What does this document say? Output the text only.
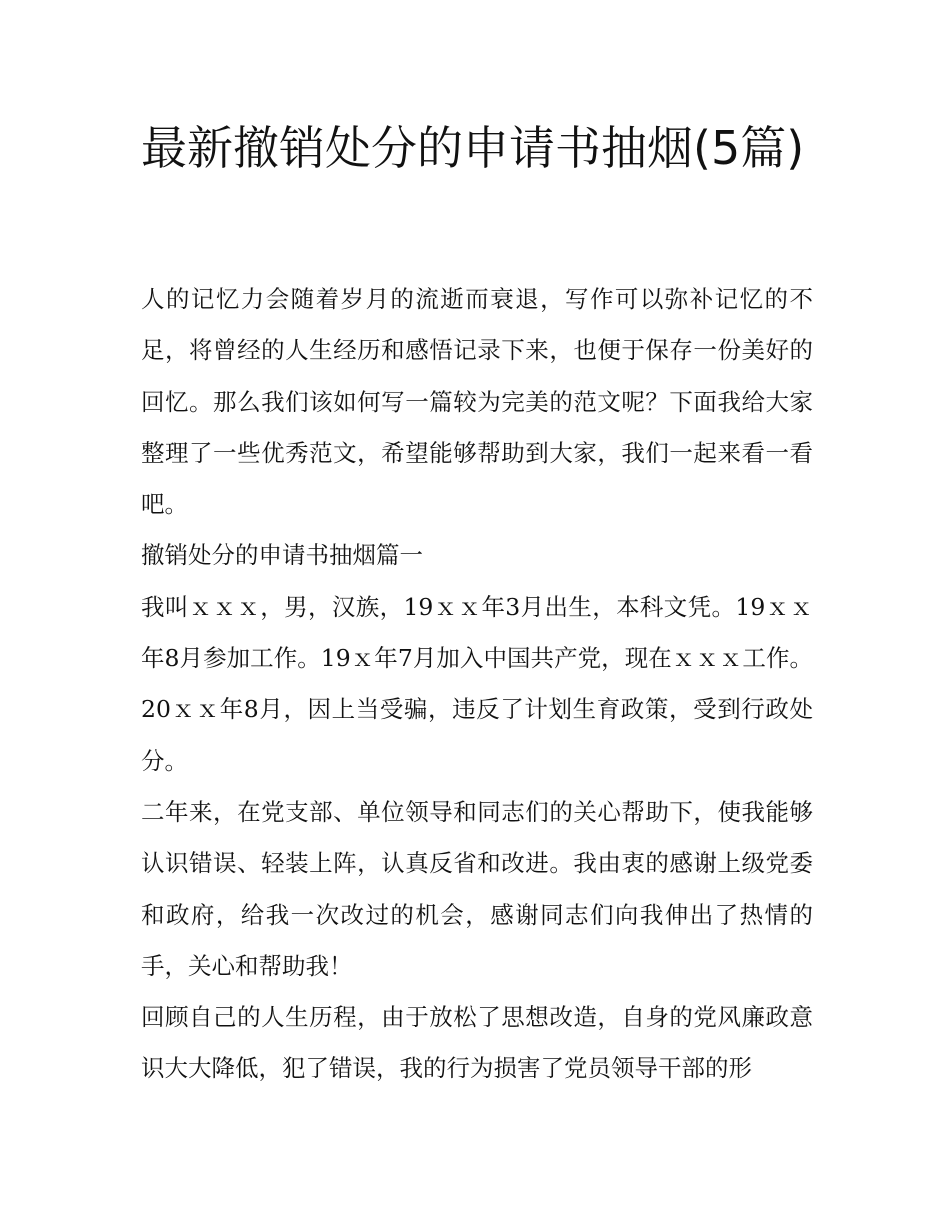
最新撤销处分的申请书抽烟(5篇)

人的记忆力会随着岁月的流逝而衰退，写作可以弥补记忆的不足，将曾经的人生经历和感悟记录下来，也便于保存一份美好的回忆。那么我们该如何写一篇较为完美的范文呢？下面我给大家整理了一些优秀范文，希望能够帮助到大家，我们一起来看一看吧。

撤销处分的申请书抽烟篇一

我叫ｘｘｘ，男，汉族，19ｘｘ年3月出生，本科文凭。19ｘｘ年8月参加工作。19ｘ年7月加入中国共产党，现在ｘｘｘ工作。20ｘｘ年8月，因上当受骗，违反了计划生育政策，受到行政处分。

二年来，在党支部、单位领导和同志们的关心帮助下，使我能够认识错误、轻装上阵，认真反省和改进。我由衷的感谢上级党委和政府，给我一次改过的机会，感谢同志们向我伸出了热情的手，关心和帮助我！

回顾自己的人生历程，由于放松了思想改造，自身的党风廉政意识大大降低，犯了错误，我的行为损害了党员领导干部的形
